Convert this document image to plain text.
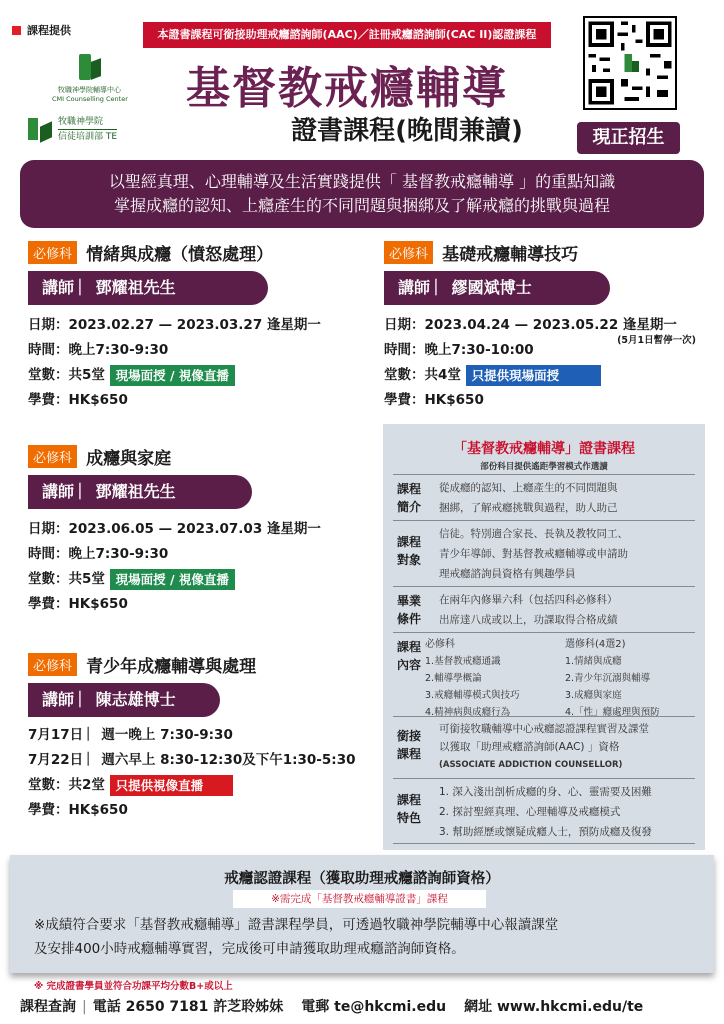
課程提供
牧職神學院輔導中心
CMI Counselling Center
牧職神學院
信徒培訓部 TE
本證書課程可銜接助理戒癮諮詢師(AAC)／註冊戒癮諮詢師(CAC II)認證課程
基督教戒癮輔導
證書課程(晚間兼讀)	現正招生
以聖經真理、心理輔導及生活實踐提供「 基督教戒癮輔導 」的重點知識
掌握成癮的認知、上癮產生的不同問題與捆綁及了解戒癮的挑戰與過程
必修科 情緒與成癮（憤怒處理）
講師 ︳鄧耀祖先生
日期：2023.02.27 — 2023.03.27 逢星期一
時間：晚上7:30-9:30
堂數：共5堂 現場面授 / 視像直播
學費：HK$650
必修科 基礎戒癮輔導技巧
講師 ︳繆國斌博士
日期：2023.04.24 — 2023.05.22 逢星期一
時間：晚上7:30-10:00
(5月1日暫停一次)
堂數：共4堂 只提供現場面授
學費：HK$650
必修科 成癮與家庭
講師 ︳鄧耀祖先生
日期：2023.06.05 — 2023.07.03 逢星期一
時間：晚上7:30-9:30
堂數：共5堂 現場面授 / 視像直播
學費：HK$650
必修科 青少年成癮輔導與處理
講師 ︳陳志雄博士
7月17日 ︳週一晚上 7:30-9:30
7月22日 ︳週六早上 8:30-12:30及下午1:30-5:30
堂數：共2堂 只提供視像直播
學費：HK$650
「基督教戒癮輔導」證書課程
部份科目提供遙距學習模式作選讀
課程
簡介
從成癮的認知、上癮產生的不同問題與
捆綁，了解戒癮挑戰與過程，助人助己
課程
對象
信徒。特別適合家長、長執及教牧同工、
青少年導師、對基督教戒癮輔導或申請助
理戒癮諮詢員資格有興趣學員
畢業
條件
在兩年內修畢六科（包括四科必修科）
出席達八成或以上，功課取得合格成績
課程
內容
必修科
1.基督教戒癮通識
2.輔導學概論
3.戒癮輔導模式與技巧
4.精神病與成癮行為
選修科(4選2)
1.情緒與成癮
2.青少年沉溺與輔導
3.成癮與家庭
4.「性」癮處理與預防
銜接
課程
可銜接牧職輔導中心戒癮認證課程實習及課堂
以獲取「助理戒癮諮詢師(AAC) 」資格
(ASSOCIATE ADDICTION COUNSELLOR)
課程
特色
1. 深入淺出剖析成癮的身、心、靈需要及困難
2. 探討聖經真理、心理輔導及戒癮模式
3. 幫助經歷或懷疑成癮人士，預防成癮及復發
戒癮認證課程（獲取助理戒癮諮詢師資格）
※需完成「基督教戒癮輔導證書」課程
※成績符合要求「基督教戒癮輔導」證書課程學員，可透過牧職神學院輔導中心報讀課堂
及安排400小時戒癮輔導實習，完成後可申請獲取助理戒癮諮詢師資格。
※ 完成證書學員並符合功課平均分數B+或以上
課程查詢 | 電話 2650 7181 許芝聆姊妹 電郵 te@hkcmi.edu 網址 www.hkcmi.edu/te
